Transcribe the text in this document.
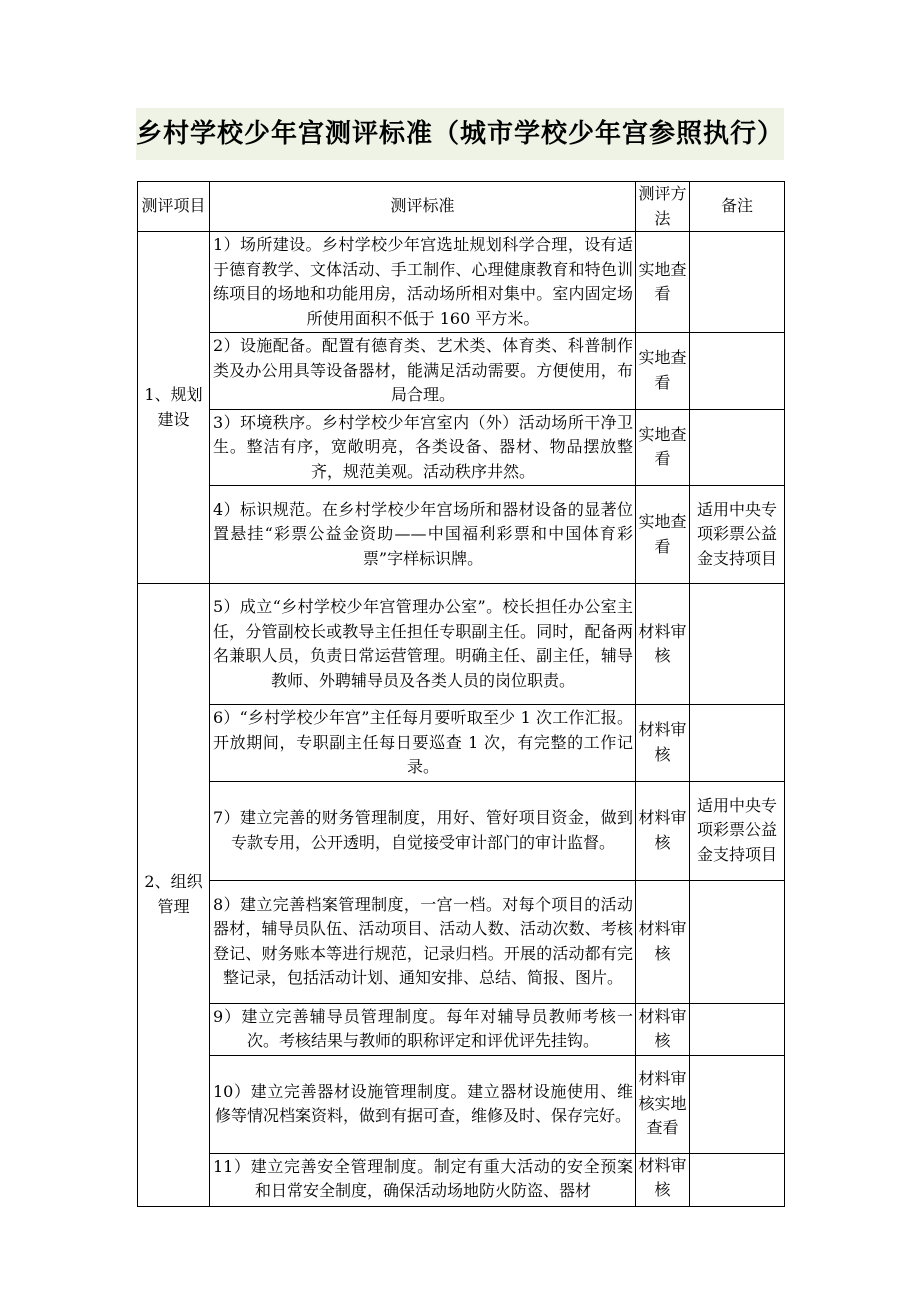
乡村学校少年宫测评标准（城市学校少年宫参照执行）
测评项目	测评标准	测评方法	备注
1、规划建设	1）场所建设。乡村学校少年宫选址规划科学合理，设有适于德育教学、文体活动、手工制作、心理健康教育和特色训练项目的场地和功能用房，活动场所相对集中。室内固定场所使用面积不低于 160 平方米。	实地查看	
	2）设施配备。配置有德育类、艺术类、体育类、科普制作类及办公用具等设备器材，能满足活动需要。方便使用，布局合理。	实地查看	
	3）环境秩序。乡村学校少年宫室内（外）活动场所干净卫生。整洁有序，宽敞明亮，各类设备、器材、物品摆放整齐，规范美观。活动秩序井然。	实地查看	
	4）标识规范。在乡村学校少年宫场所和器材设备的显著位置悬挂“彩票公益金资助——中国福利彩票和中国体育彩票”字样标识牌。	实地查看	适用中央专项彩票公益金支持项目
2、组织管理	5）成立“乡村学校少年宫管理办公室”。校长担任办公室主任，分管副校长或教导主任担任专职副主任。同时，配备两名兼职人员，负责日常运营管理。明确主任、副主任，辅导教师、外聘辅导员及各类人员的岗位职责。	材料审核	
	6）“乡村学校少年宫”主任每月要听取至少 1 次工作汇报。开放期间，专职副主任每日要巡查 1 次，有完整的工作记录。	材料审核	
	7）建立完善的财务管理制度，用好、管好项目资金，做到专款专用，公开透明，自觉接受审计部门的审计监督。	材料审核	适用中央专项彩票公益金支持项目
	8）建立完善档案管理制度，一宫一档。对每个项目的活动器材，辅导员队伍、活动项目、活动人数、活动次数、考核登记、财务账本等进行规范，记录归档。开展的活动都有完整记录，包括活动计划、通知安排、总结、简报、图片。	材料审核	
	9）建立完善辅导员管理制度。每年对辅导员教师考核一次。考核结果与教师的职称评定和评优评先挂钩。	材料审核	
	10）建立完善器材设施管理制度。建立器材设施使用、维修等情况档案资料，做到有据可查，维修及时、保存完好。	材料审核实地查看	

	11）建立完善安全管理制度。制定有重大活动的安全预案和日常安全制度，确保活动场地防火防盗、器材	材料审核	
